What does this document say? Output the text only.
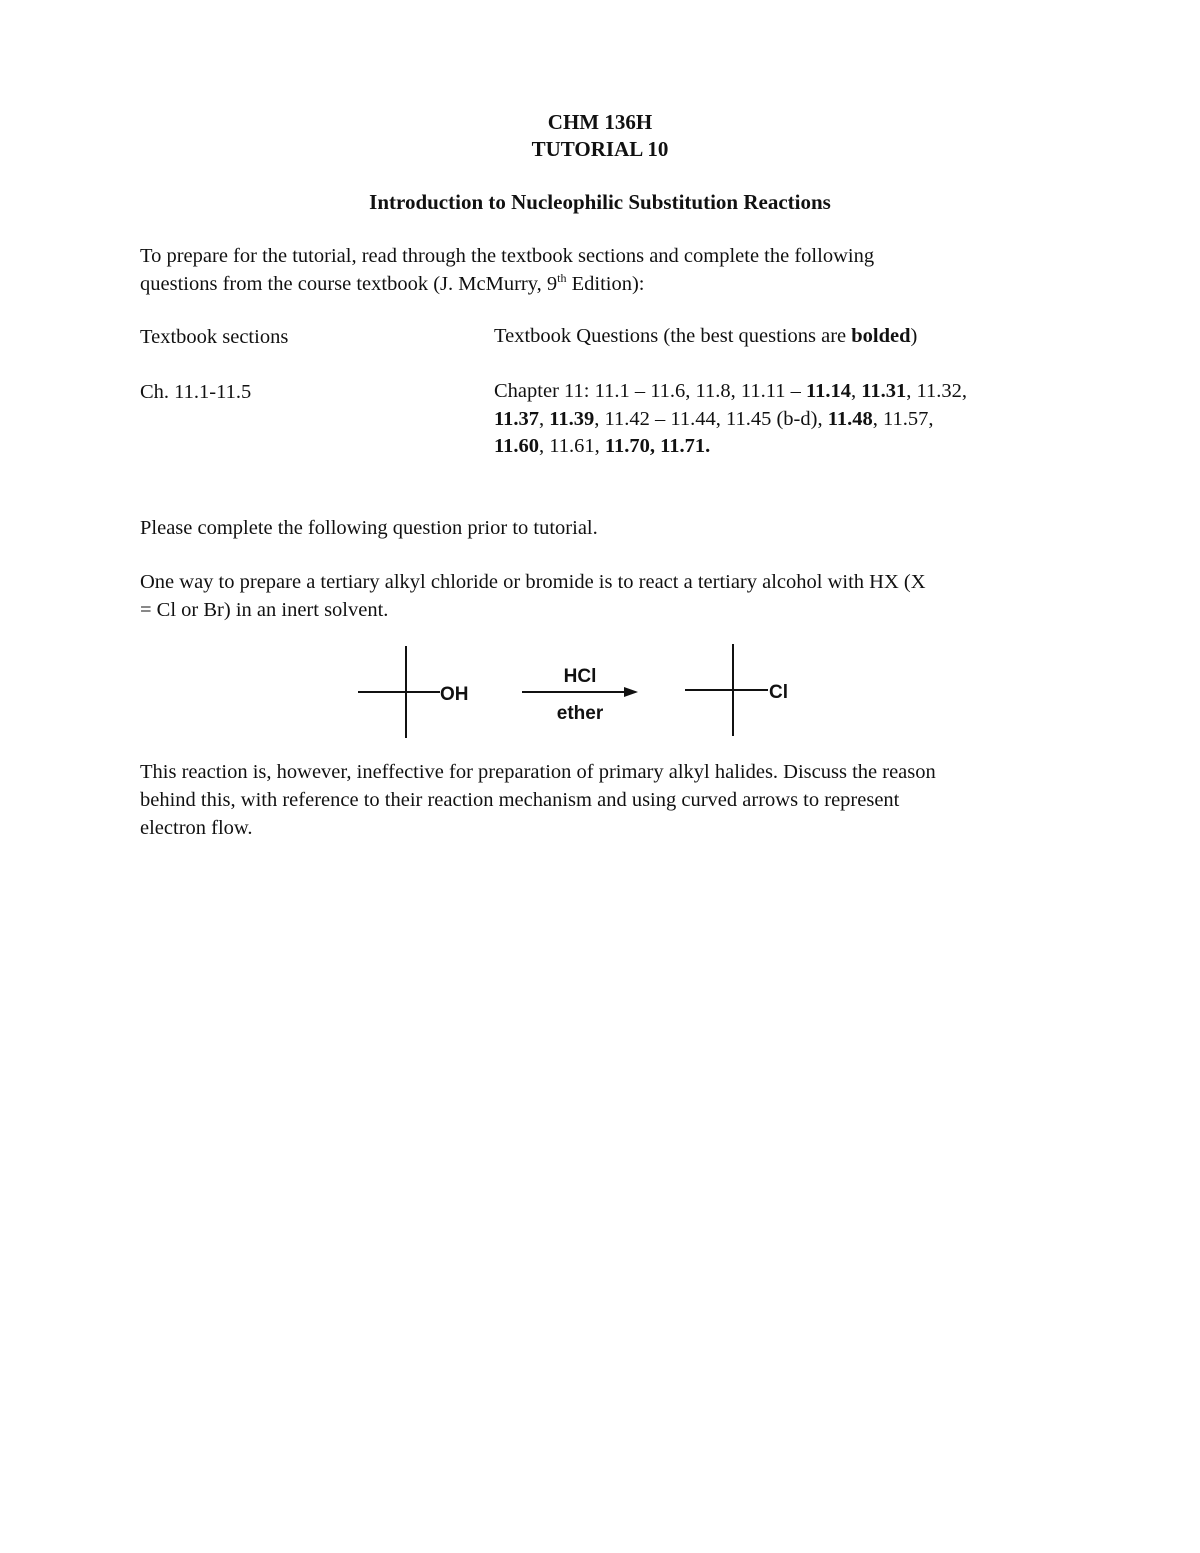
CHM 136H
TUTORIAL 10
Introduction to Nucleophilic Substitution Reactions
To prepare for the tutorial, read through the textbook sections and complete the following
questions from the course textbook (J. McMurry, 9th Edition):
Textbook sections	Textbook Questions (the best questions are bolded)
Ch. 11.1-11.5	Chapter 11: 11.1 – 11.6, 11.8, 11.11 – 11.14, 11.31, 11.32,
11.37, 11.39, 11.42 – 11.44, 11.45 (b-d), 11.48, 11.57,
11.60, 11.61, 11.70, 11.71.
Please complete the following question prior to tutorial.
One way to prepare a tertiary alkyl chloride or bromide is to react a tertiary alcohol with HX (X
= Cl or Br) in an inert solvent.
OH
HCl
ether
Cl
This reaction is, however, ineffective for preparation of primary alkyl halides. Discuss the reason
behind this, with reference to their reaction mechanism and using curved arrows to represent
electron flow.
